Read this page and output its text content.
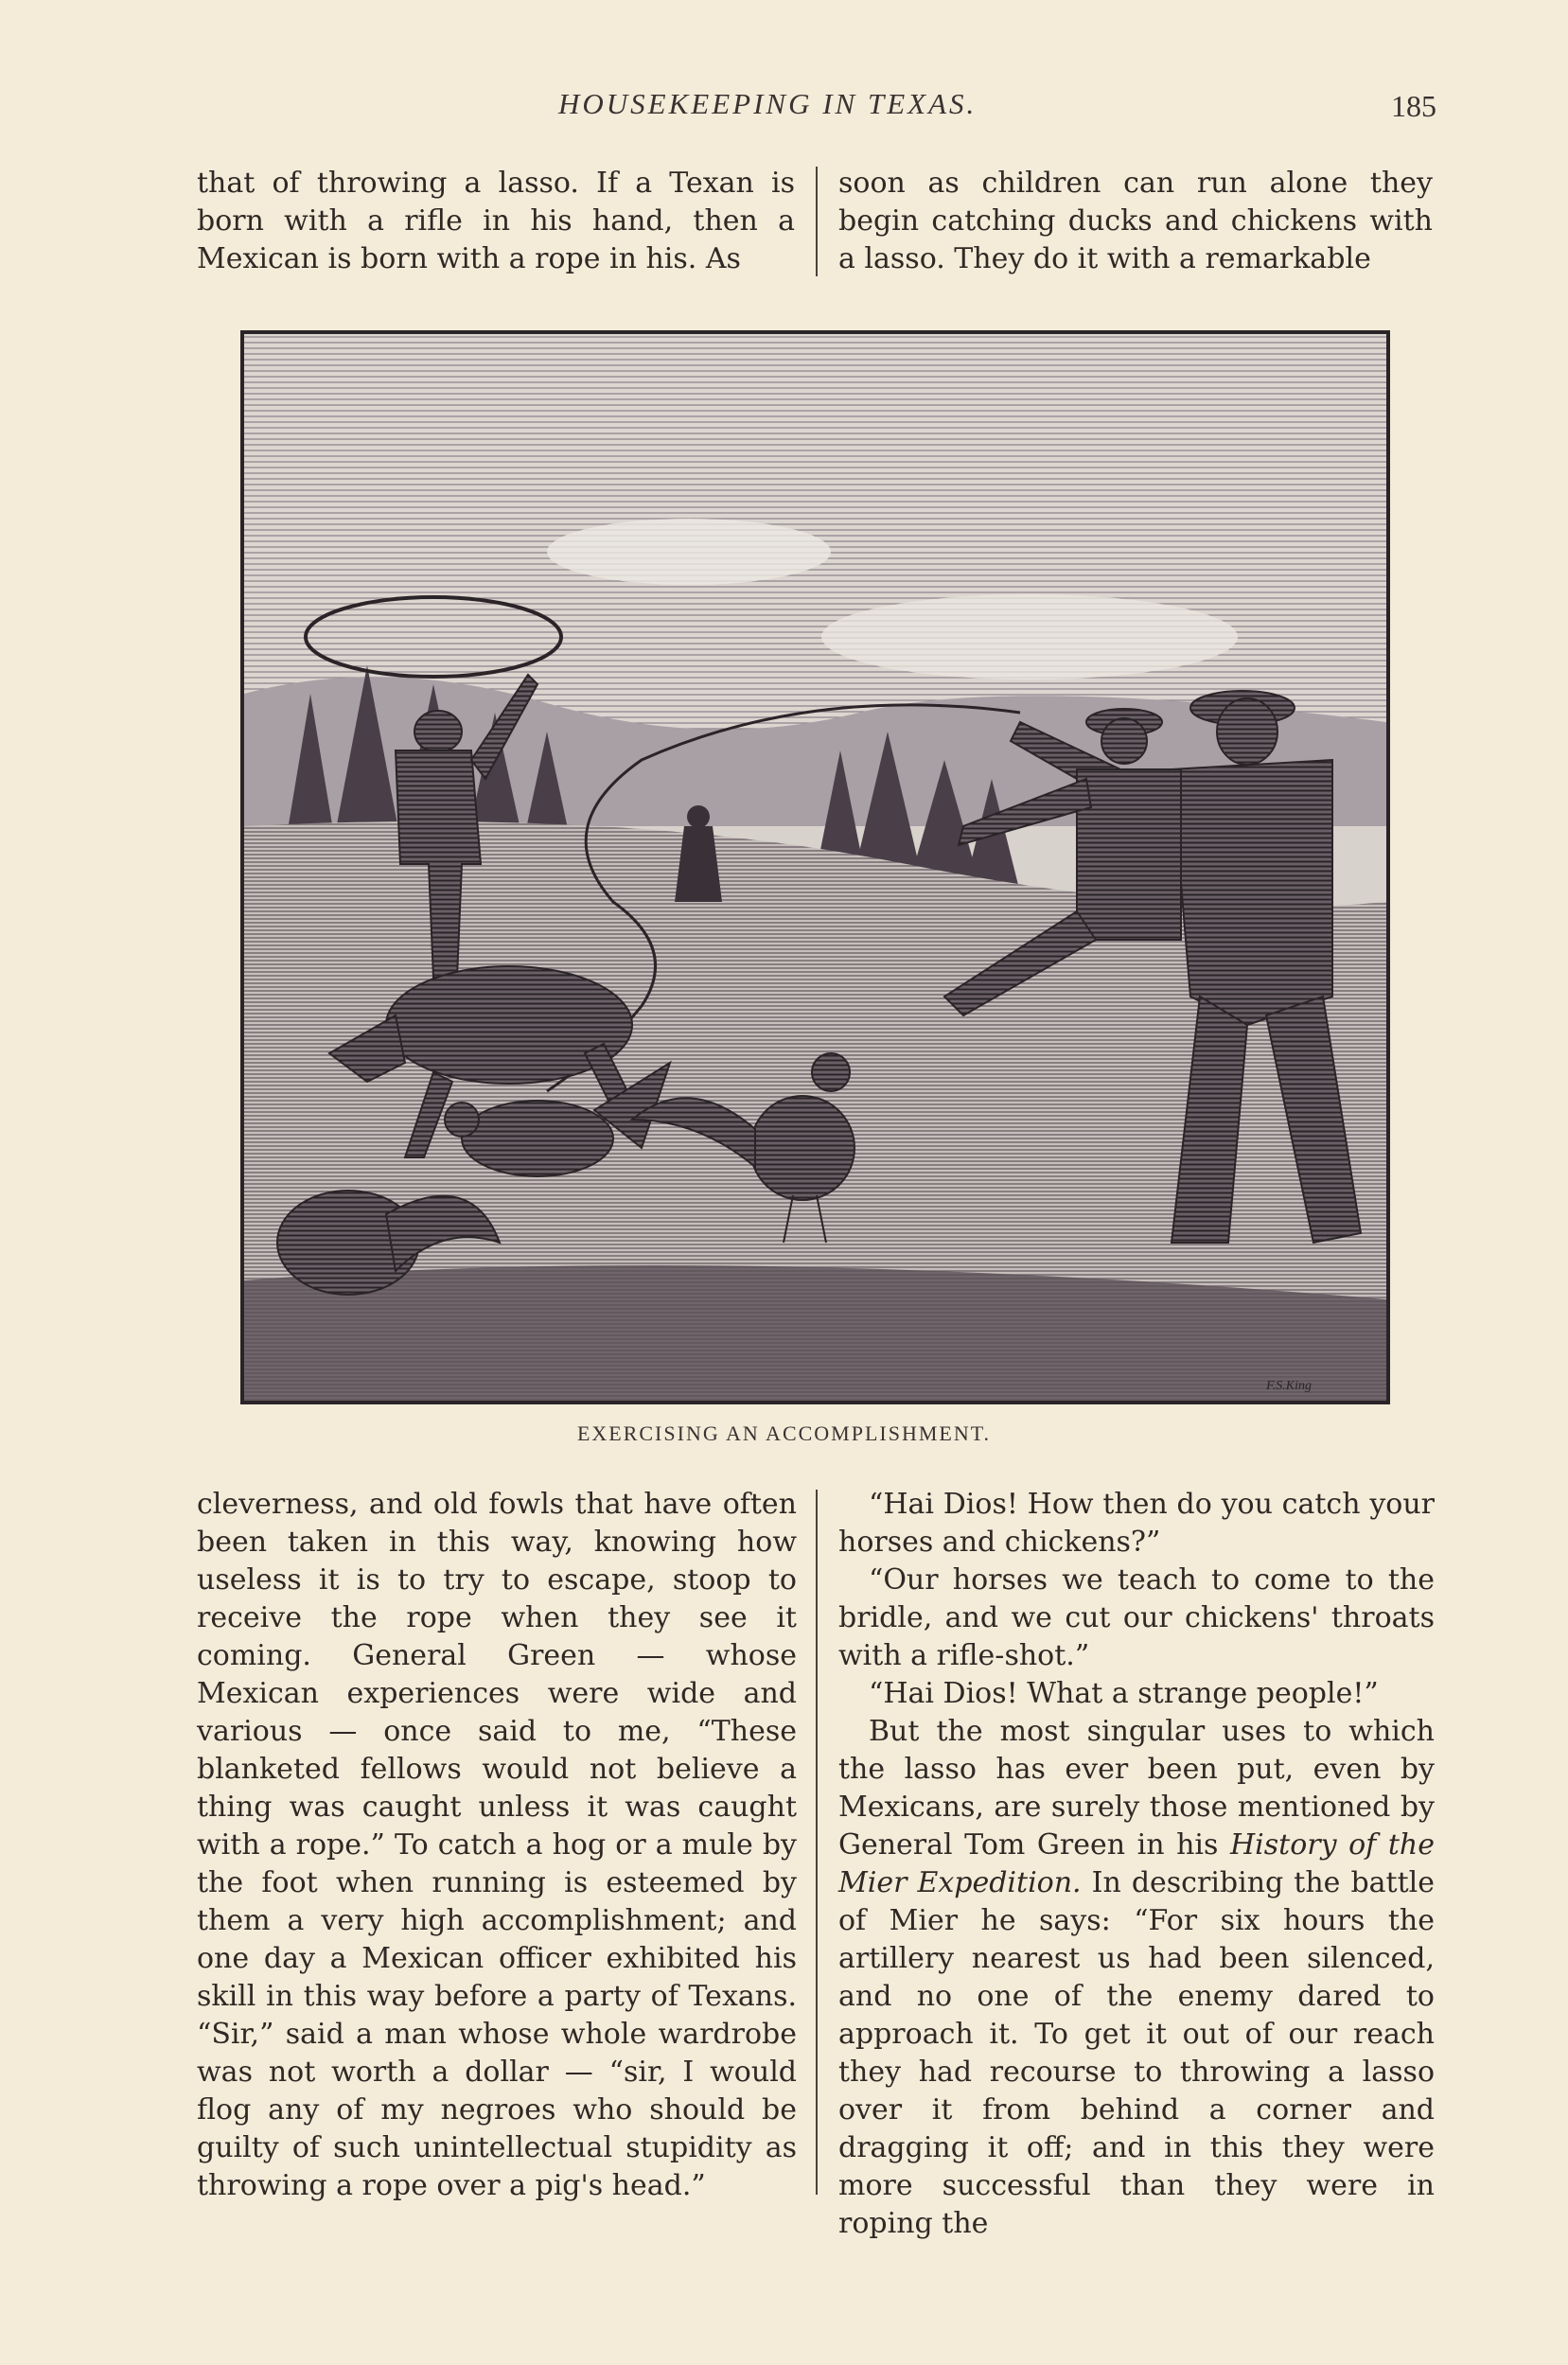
HOUSEKEEPING IN TEXAS.	185

that of throwing a lasso. If a Texan is born with a rifle in his hand, then a Mexican is born with a rope in his. As

soon as children can run alone they begin catching ducks and chickens with a lasso. They do it with a remarkable

F.S.King
EXERCISING AN ACCOMPLISHMENT.

cleverness, and old fowls that have often been taken in this way, knowing how useless it is to try to escape, stoop to receive the rope when they see it coming. General Green — whose Mexican experiences were wide and various — once said to me, “These blanketed fellows would not believe a thing was caught unless it was caught with a rope.” To catch a hog or a mule by the foot when running is esteemed by them a very high accomplishment; and one day a Mexican officer exhibited his skill in this way before a party of Texans. “Sir,” said a man whose whole wardrobe was not worth a dollar — “sir, I would flog any of my negroes who should be guilty of such unintellectual stupidity as throwing a rope over a pig's head.”

“Hai Dios! How then do you catch your horses and chickens?”

“Our horses we teach to come to the bridle, and we cut our chickens' throats with a rifle-shot.”

“Hai Dios! What a strange people!”

But the most singular uses to which the lasso has ever been put, even by Mexicans, are surely those mentioned by General Tom Green in his History of the Mier Expedition. In describing the battle of Mier he says: “For six hours the artillery nearest us had been silenced, and no one of the enemy dared to approach it. To get it out of our reach they had recourse to throwing a lasso over it from behind a corner and dragging it off; and in this they were more successful than they were in roping the
